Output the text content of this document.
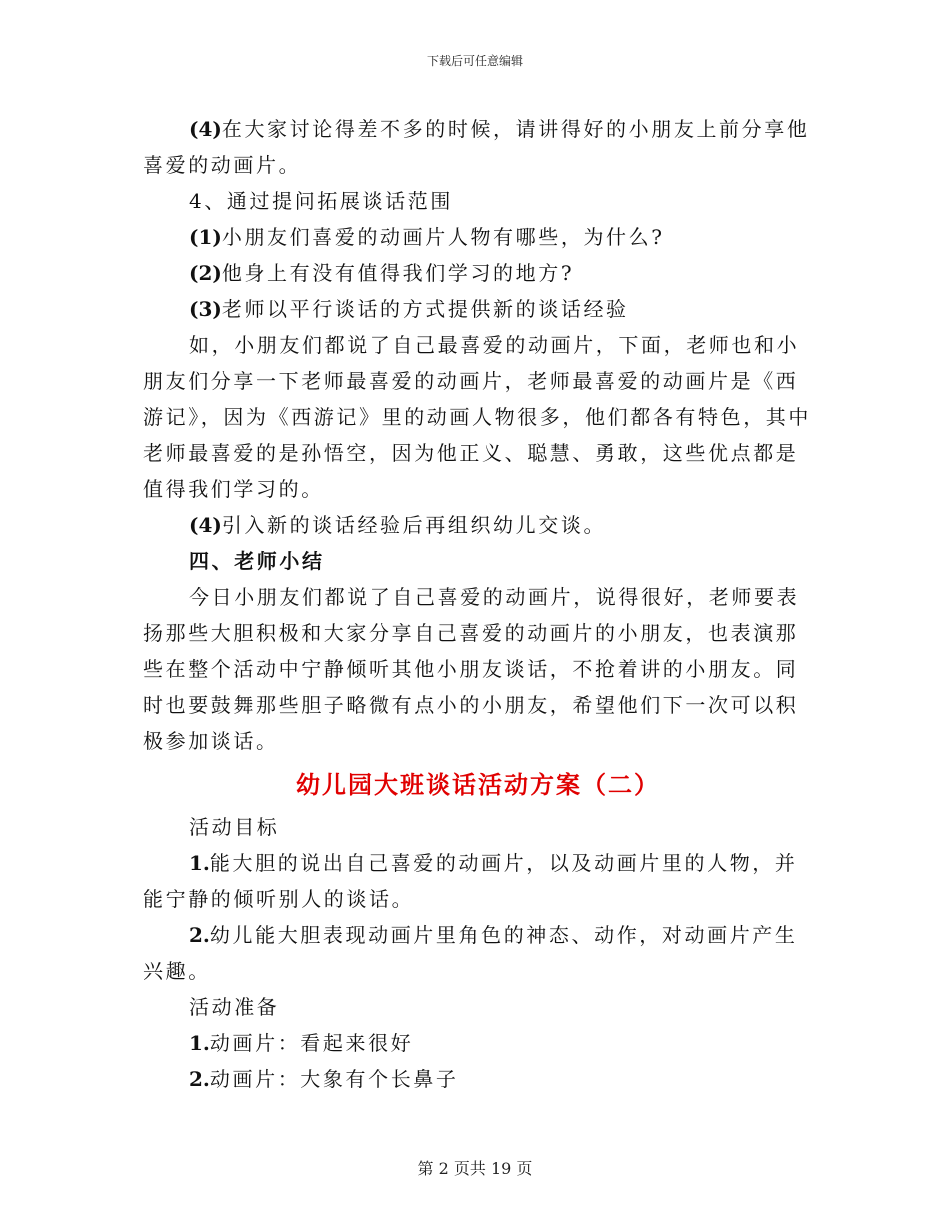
下载后可任意编辑

(4)在大家讨论得差不多的时候，请讲得好的小朋友上前分享他喜爱的动画片。

4、通过提问拓展谈话范围

(1)小朋友们喜爱的动画片人物有哪些，为什么?

(2)他身上有没有值得我们学习的地方?

(3)老师以平行谈话的方式提供新的谈话经验

如，小朋友们都说了自己最喜爱的动画片，下面，老师也和小朋友们分享一下老师最喜爱的动画片，老师最喜爱的动画片是《西游记》，因为《西游记》里的动画人物很多，他们都各有特色，其中老师最喜爱的是孙悟空，因为他正义、聪慧、勇敢，这些优点都是值得我们学习的。

(4)引入新的谈话经验后再组织幼儿交谈。

四、老师小结

今日小朋友们都说了自己喜爱的动画片，说得很好，老师要表扬那些大胆积极和大家分享自己喜爱的动画片的小朋友，也表演那些在整个活动中宁静倾听其他小朋友谈话，不抢着讲的小朋友。同时也要鼓舞那些胆子略微有点小的小朋友，希望他们下一次可以积极参加谈话。

幼儿园大班谈话活动方案（二）

活动目标

1.能大胆的说出自己喜爱的动画片，以及动画片里的人物，并能宁静的倾听别人的谈话。

2.幼儿能大胆表现动画片里角色的神态、动作，对动画片产生兴趣。

活动准备

1.动画片：看起来很好

2.动画片：大象有个长鼻子

第 2 页共 19 页
